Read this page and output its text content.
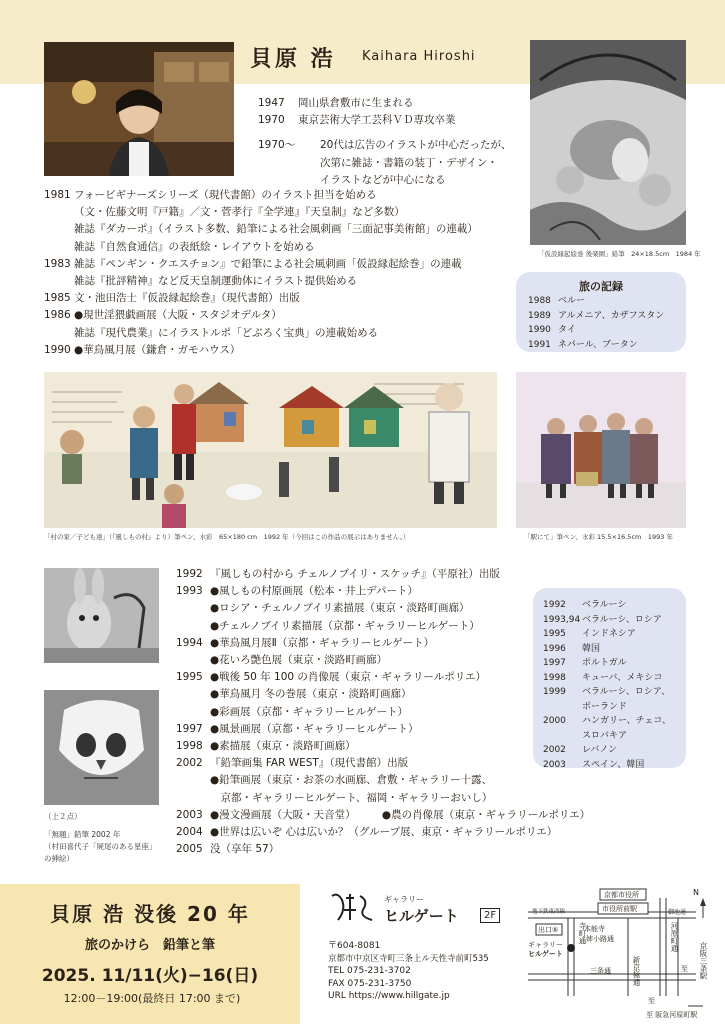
貝原 浩 Kaihara Hiroshi
1947	岡山県倉敷市に生まれる
1970	東京芸術大学工芸科ＶＤ専攻卒業
1970～	20代は広告のイラストが中心だったが、
次第に雑誌・書籍の装丁・デザイン・
イラストなどが中心になる
「仮設縁起絵巻 後楽園」鉛筆　24×18.5cm　1984 年
1981 フォービギナーズシリーズ（現代書館）のイラスト担当を始める
（文・佐藤文明『戸籍』／文・菅孝行『全学連』『天皇制』など多数）
雑誌『ダカーポ』（イラスト多数、鉛筆による社会風刺画「三面記事美術館」の連載）
雑誌『自然食通信』の表紙絵・レイアウトを始める
1983 雑誌『ペンギン・クエスチョン』で鉛筆による社会風刺画「仮設縁起絵巻」の連載
雑誌『批評精神』など反天皇制運動体にイラスト提供始める
1985 文・池田浩士『仮設縁起絵巻』（現代書館）出版
1986 ●現世淫猥戯画展（大阪・スタジオデルタ）
雑誌『現代農業』にイラストルポ「どぶろく宝典」の連載始める
1990 ●華鳥風月展（鎌倉・ガモハウス）
旅の記録
1988 ベルー
1989 アルメニア、カザフスタン
1990 タイ
1991 ネパール、ブータン
「村の家／子ども達」（『風しもの村』より）筆ペン、水彩　65×180 cm　1992 年（今回はこの作品の展示はありません。）	「駅にて」筆ペン、水彩 15.5×16.5cm　1993 年
（上２点）
「無題」鉛筆 2002 年
（村田喜代子「屍尾のある星座」
の挿絵）
1992 『風しもの村から チェルノブイリ・スケッチ』（平原社）出版
1993 ●風しもの村原画展（松本・井上デパート）
●ロシア・チェルノブイリ素描展（東京・淡路町画廊）
●チェルノブイリ素描展（京都・ギャラリーヒルゲート）
1994 ●華鳥風月展Ⅱ（京都・ギャラリーヒルゲート）
●花いろ艶色展（東京・淡路町画廊）
1995 ●戦後 50 年 100 の肖像展（東京・ギャラリールポリエ）
●華鳥風月 冬の巻展（東京・淡路町画廊）
●彩画展（京都・ギャラリーヒルゲート）
1997 ●風景画展（京都・ギャラリーヒルゲート）
1998 ●素描展（東京・淡路町画廊）
2002 『鉛筆画集 FAR WEST』（現代書館）出版
●鉛筆画展（東京・お茶の水画廊、倉敷・ギャラリー十露、
　京都・ギャラリーヒルゲート、福岡・ギャラリーおいし）
2003 ●漫文漫画展（大阪・天音堂）　　　●農の肖像展（東京・ギャラリールポリエ）
2004 ●世界は広いぞ 心は広いか？（グループ展、東京・ギャラリールポリエ）
2005 没（享年 57）
1992	ベラルーシ
1993,94 ベラルーシ、ロシア
1995	インドネシア
1996	韓国
1997	ポルトガル
1998	キューバ、メキシコ
1999	ベラルーシ、ロシア、
ポーランド
2000	ハンガリー、チェコ、
スロバキア
2002	レバノン
2003	スペイン、韓国
貝原 浩 没後 20 年
旅のかけら　鉛筆と筆
2025. 11/11(火)−16(日)
12:00－19:00(最終日 17:00 まで)
ギャラリー
ヒルゲート	2F
〒604-8081
京都市中京区寺町三条上ル天性寺前町535
TEL 075-231-3702
FAX 075-231-3750
URL https://www.hillgate.jp
京都市役所
市役所前駅
地下鉄東西線	御池通
出口⑤	本能寺
姉小路通
ギャラリー
ヒルゲート
三条通
寺町通
新京極通
河原町通
京阪三条駅
N
至
至
至 阪急河原町駅
